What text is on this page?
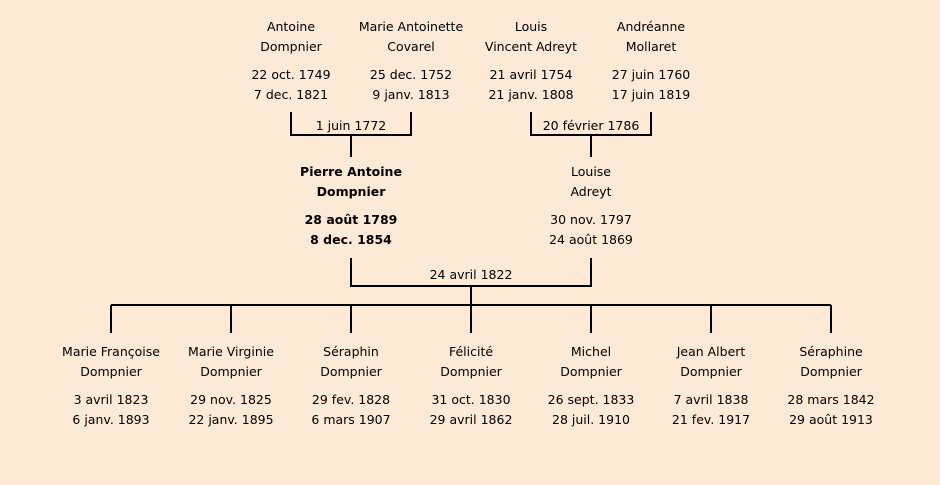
Antoine
Dompnier
22 oct. 1749
7 dec. 1821
Marie Antoinette
Covarel
25 dec. 1752
9 janv. 1813
Louis
Vincent Adreyt
21 avril 1754
21 janv. 1808
Andréanne
Mollaret
27 juin 1760
17 juin 1819
1 juin 1772	20 février 1786
Pierre Antoine
Dompnier
28 août 1789
8 dec. 1854
Louise
Adreyt
30 nov. 1797
24 août 1869
24 avril 1822
Marie Françoise
Dompnier
3 avril 1823
6 janv. 1893
Marie Virginie
Dompnier
29 nov. 1825
22 janv. 1895
Séraphin
Dompnier
29 fev. 1828
6 mars 1907
Félicité
Dompnier
31 oct. 1830
29 avril 1862
Michel
Dompnier
26 sept. 1833
28 juil. 1910
Jean Albert
Dompnier
7 avril 1838
21 fev. 1917
Séraphine
Dompnier
28 mars 1842
29 août 1913
